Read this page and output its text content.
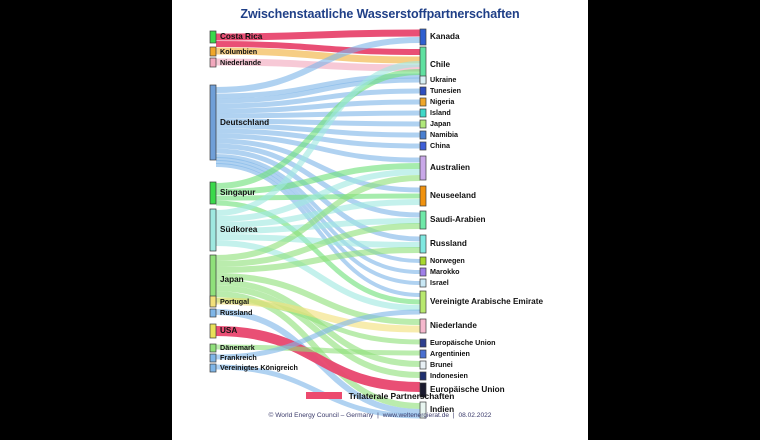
Zwischenstaatliche Wasserstoffpartnerschaften
Costa Rica
Kolumbien
Niederlande
Deutschland
Singapur
Südkorea
Japan
Portugal
Russland
USA
Dänemark
Frankreich
Vereinigtes Königreich
Kanada
Chile
Ukraine
Tunesien
Nigeria
Island
Japan
Namibia
China
Australien
Neuseeland
Saudi-Arabien
Russland
Norwegen
Marokko
Israel
Vereinigte Arabische Emirate
Niederlande
Europäische Union
Argentinien
Brunei
Indonesien
Europäische Union
Indien
Trilaterale Partnerschaften
© World Energy Council – Germany | www.weltenergierat.de | 08.02.2022
